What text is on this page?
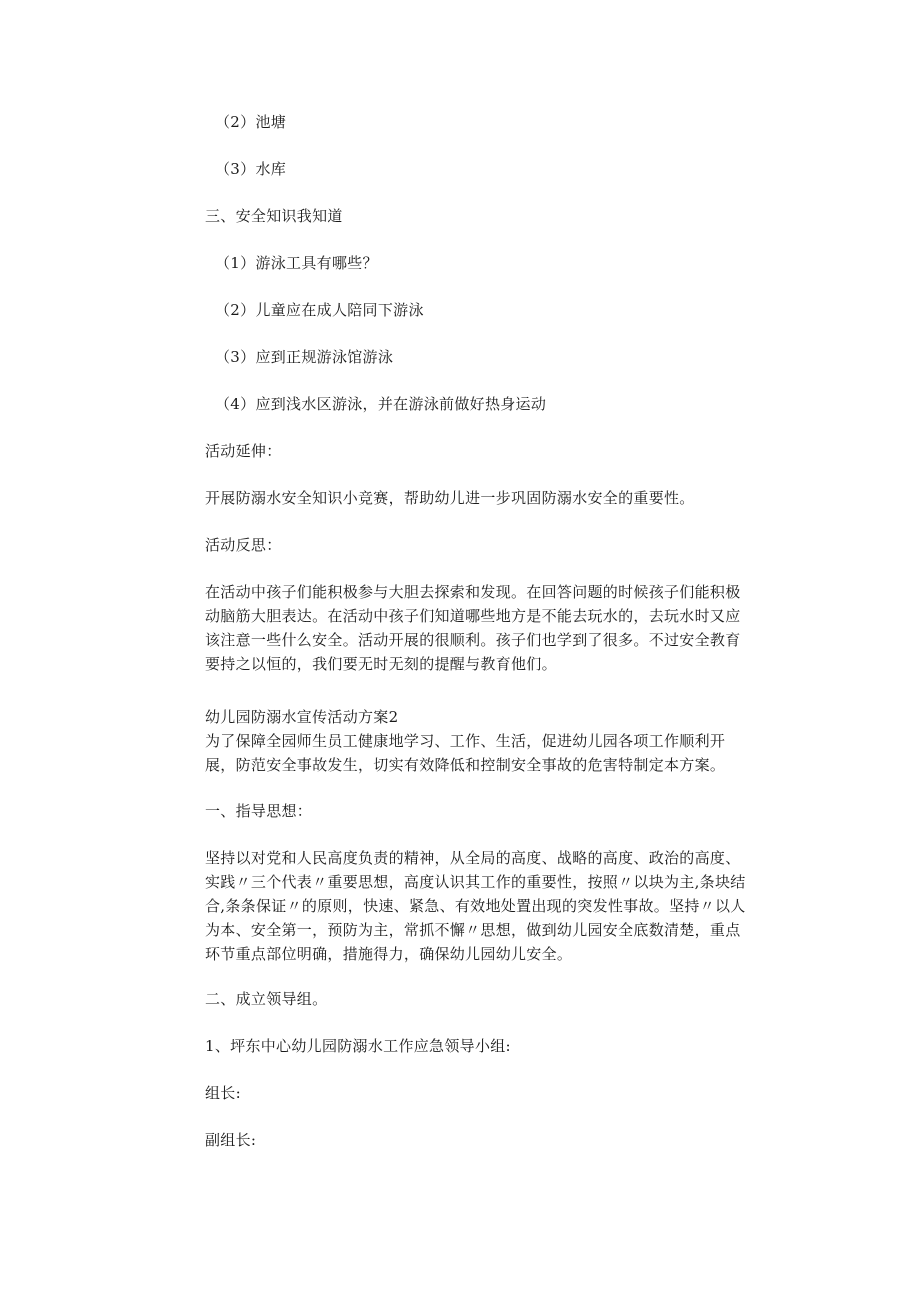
（2）池塘
（3）水库
三、安全知识我知道
（1）游泳工具有哪些？
（2）儿童应在成人陪同下游泳
（3）应到正规游泳馆游泳
（4）应到浅水区游泳，并在游泳前做好热身运动
活动延伸：
开展防溺水安全知识小竞赛，帮助幼儿进一步巩固防溺水安全的重要性。
活动反思：
在活动中孩子们能积极参与大胆去探索和发现。在回答问题的时候孩子们能积极动脑筋大胆表达。在活动中孩子们知道哪些地方是不能去玩水的，去玩水时又应该注意一些什么安全。活动开展的很顺利。孩子们也学到了很多。不过安全教育要持之以恒的，我们要无时无刻的提醒与教育他们。
幼儿园防溺水宣传活动方案2
为了保障全园师生员工健康地学习、工作、生活，促进幼儿园各项工作顺利开展，防范安全事故发生，切实有效降低和控制安全事故的危害特制定本方案。
一、指导思想：
坚持以对党和人民高度负责的精神，从全局的高度、战略的高度、政治的高度、实践〃三个代表〃重要思想，高度认识其工作的重要性，按照〃以块为主,条块结合,条条保证〃的原则，快速、紧急、有效地处置出现的突发性事故。坚持〃以人为本、安全第一，预防为主，常抓不懈〃思想，做到幼儿园安全底数清楚，重点环节重点部位明确，措施得力，确保幼儿园幼儿安全。
二、成立领导组。
1、坪东中心幼儿园防溺水工作应急领导小组:
组长:
副组长:
